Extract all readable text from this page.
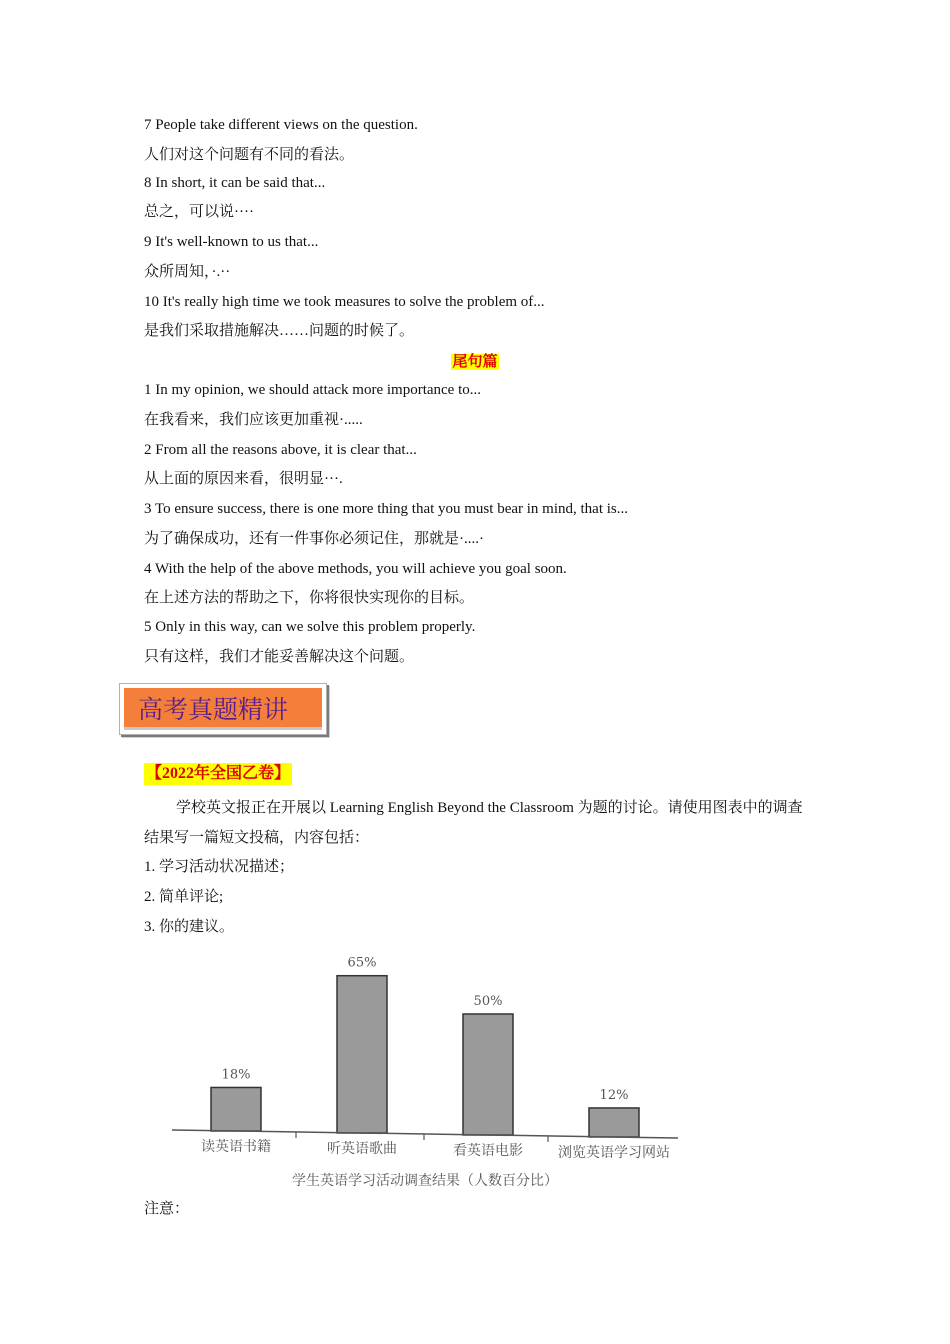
7 People take different views on the question.
人们对这个问题有不同的看法。
8 In short, it can be said that...
总之，可以说····
9 It's well-known to us that...
众所周知，·.··
10 It's really high time we took measures to solve the problem of...
是我们采取措施解决……问题的时候了。
尾句篇
1 In my opinion, we should attack more importance to...
在我看来，我们应该更加重视·.....
2 From all the reasons above, it is clear that...
从上面的原因来看，很明显···.
3 To ensure success, there is one more thing that you must bear in mind, that is...
为了确保成功，还有一件事你必须记住，那就是·....·
4 With the help of the above methods, you will achieve you goal soon.
在上述方法的帮助之下，你将很快实现你的目标。
5 Only in this way, can we solve this problem properly.
只有这样，我们才能妥善解决这个问题。
高考真题精讲
【2022年全国乙卷】
学校英文报正在开展以 Learning English Beyond the Classroom 为题的讨论。请使用图表中的调查结果写一篇短文投稿，内容包括：
1. 学习活动状况描述；
2. 简单评论;
3. 你的建议。
18%
读英语书籍
65%
听英语歌曲
50%
看英语电影
12%
浏览英语学习网站
学生英语学习活动调查结果（人数百分比）
注意：
